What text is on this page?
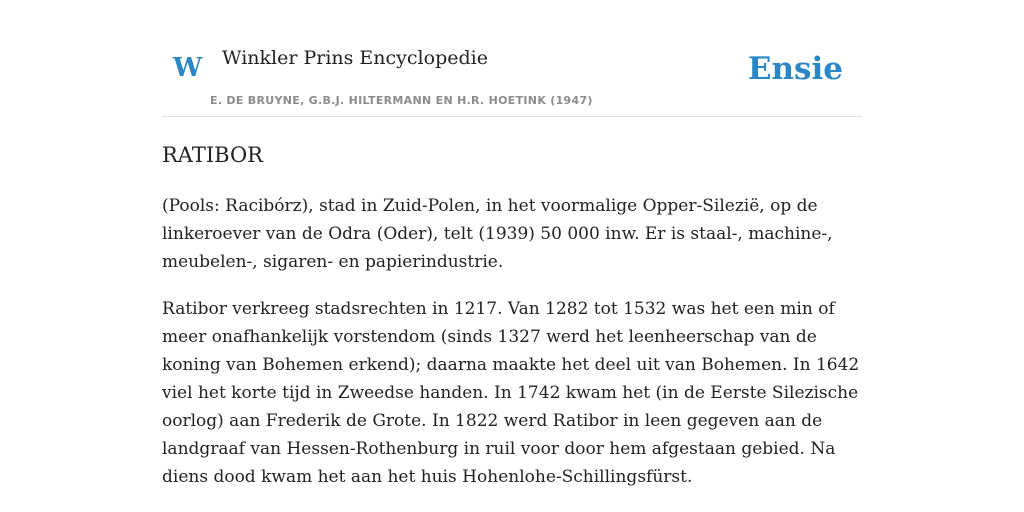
W Winkler Prins Encyclopedie
E. DE BRUYNE, G.B.J. HILTERMANN EN H.R. HOETINK (1947)
Ensie
RATIBOR

(Pools: Racibórz), stad in Zuid-Polen, in het voormalige Opper-Silezië, op de linkeroever van de Odra (Oder), telt (1939) 50 000 inw. Er is staal-, machine-, meubelen-, sigaren- en papierindustrie.

Ratibor verkreeg stadsrechten in 1217. Van 1282 tot 1532 was het een min of meer onafhankelijk vorstendom (sinds 1327 werd het leenheerschap van de koning van Bohemen erkend); daarna maakte het deel uit van Bohemen. In 1642 viel het korte tijd in Zweedse handen. In 1742 kwam het (in de Eerste Silezische oorlog) aan Frederik de Grote. In 1822 werd Ratibor in leen gegeven aan de landgraaf van Hessen-Rothenburg in ruil voor door hem afgestaan gebied. Na diens dood kwam het aan het huis Hohenlohe-Schillingsfürst.
